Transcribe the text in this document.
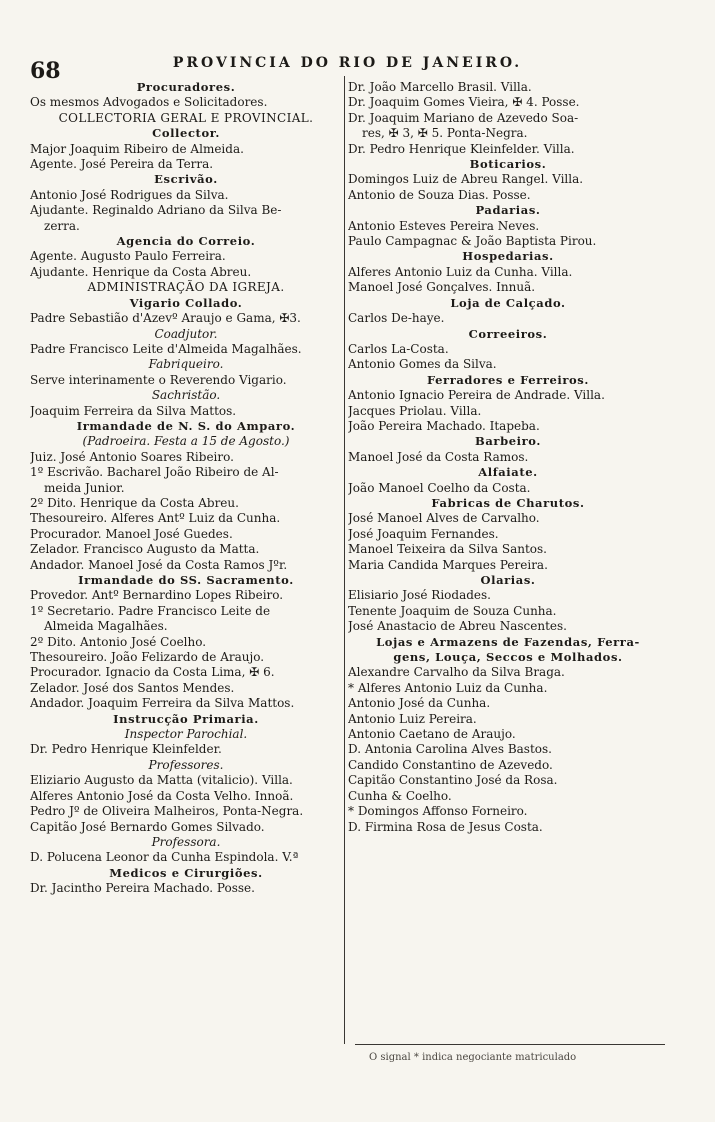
68	PROVINCIA DO RIO DE JANEIRO.
Procuradores.
Os mesmos Advogados e Solicitadores.
COLLECTORIA GERAL E PROVINCIAL.
Collector.
Major Joaquim Ribeiro de Almeida.
Agente. José Pereira da Terra.
Escrivão.
Antonio José Rodrigues da Silva.
Ajudante. Reginaldo Adriano da Silva Be-
zerra.
Agencia do Correio.
Agente. Augusto Paulo Ferreira.
Ajudante. Henrique da Costa Abreu.
ADMINISTRAÇÃO DA IGREJA.
Vigario Collado.
Padre Sebastião d'Azevº Araujo e Gama, ✠3.
Coadjutor.
Padre Francisco Leite d'Almeida Magalhães.
Fabriqueiro.
Serve interinamente o Reverendo Vigario.
Sachristão.
Joaquim Ferreira da Silva Mattos.
Irmandade de N. S. do Amparo.
(Padroeira. Festa a 15 de Agosto.)
Juiz. José Antonio Soares Ribeiro.
1º Escrivão. Bacharel João Ribeiro de Al-
meida Junior.
2º Dito. Henrique da Costa Abreu.
Thesoureiro. Alferes Antº Luiz da Cunha.
Procurador. Manoel José Guedes.
Zelador. Francisco Augusto da Matta.
Andador. Manoel José da Costa Ramos Jºr.
Irmandade do SS. Sacramento.
Provedor. Antº Bernardino Lopes Ribeiro.
1º Secretario. Padre Francisco Leite de
Almeida Magalhães.
2º Dito. Antonio José Coelho.
Thesoureiro. João Felizardo de Araujo.
Procurador. Ignacio da Costa Lima, ✠ 6.
Zelador. José dos Santos Mendes.
Andador. Joaquim Ferreira da Silva Mattos.
Instrucção Primaria.
Inspector Parochial.
Dr. Pedro Henrique Kleinfelder.
Professores.
Eliziario Augusto da Matta (vitalicio). Villa.
Alferes Antonio José da Costa Velho. Innoã.
Pedro Jº de Oliveira Malheiros, Ponta-Negra.
Capitão José Bernardo Gomes Silvado.
Professora.
D. Polucena Leonor da Cunha Espindola. V.ª
Medicos e Cirurgiões.
Dr. Jacintho Pereira Machado. Posse.
Dr. João Marcello Brasil. Villa.
Dr. Joaquim Gomes Vieira, ✠ 4. Posse.
Dr. Joaquim Mariano de Azevedo Soa-
res, ✠ 3, ✠ 5. Ponta-Negra.
Dr. Pedro Henrique Kleinfelder. Villa.
Boticarios.
Domingos Luiz de Abreu Rangel. Villa.
Antonio de Souza Dias. Posse.
Padarias.
Antonio Esteves Pereira Neves.
Paulo Campagnac & João Baptista Pirou.
Hospedarias.
Alferes Antonio Luiz da Cunha. Villa.
Manoel José Gonçalves. Innuã.
Loja de Calçado.
Carlos De-haye.
Correeiros.
Carlos La-Costa.
Antonio Gomes da Silva.
Ferradores e Ferreiros.
Antonio Ignacio Pereira de Andrade. Villa.
Jacques Priolau. Villa.
João Pereira Machado. Itapeba.
Barbeiro.
Manoel José da Costa Ramos.
Alfaiate.
João Manoel Coelho da Costa.
Fabricas de Charutos.
José Manoel Alves de Carvalho.
José Joaquim Fernandes.
Manoel Teixeira da Silva Santos.
Maria Candida Marques Pereira.
Olarias.
Elisiario José Riodades.
Tenente Joaquim de Souza Cunha.
José Anastacio de Abreu Nascentes.
Lojas e Armazens de Fazendas, Ferra-
gens, Louça, Seccos e Molhados.
Alexandre Carvalho da Silva Braga.
* Alferes Antonio Luiz da Cunha.
Antonio José da Cunha.
Antonio Luiz Pereira.
Antonio Caetano de Araujo.
D. Antonia Carolina Alves Bastos.
Candido Constantino de Azevedo.
Capitão Constantino José da Rosa.
Cunha & Coelho.
* Domingos Affonso Forneiro.
D. Firmina Rosa de Jesus Costa.
O signal * indica negociante matriculado
